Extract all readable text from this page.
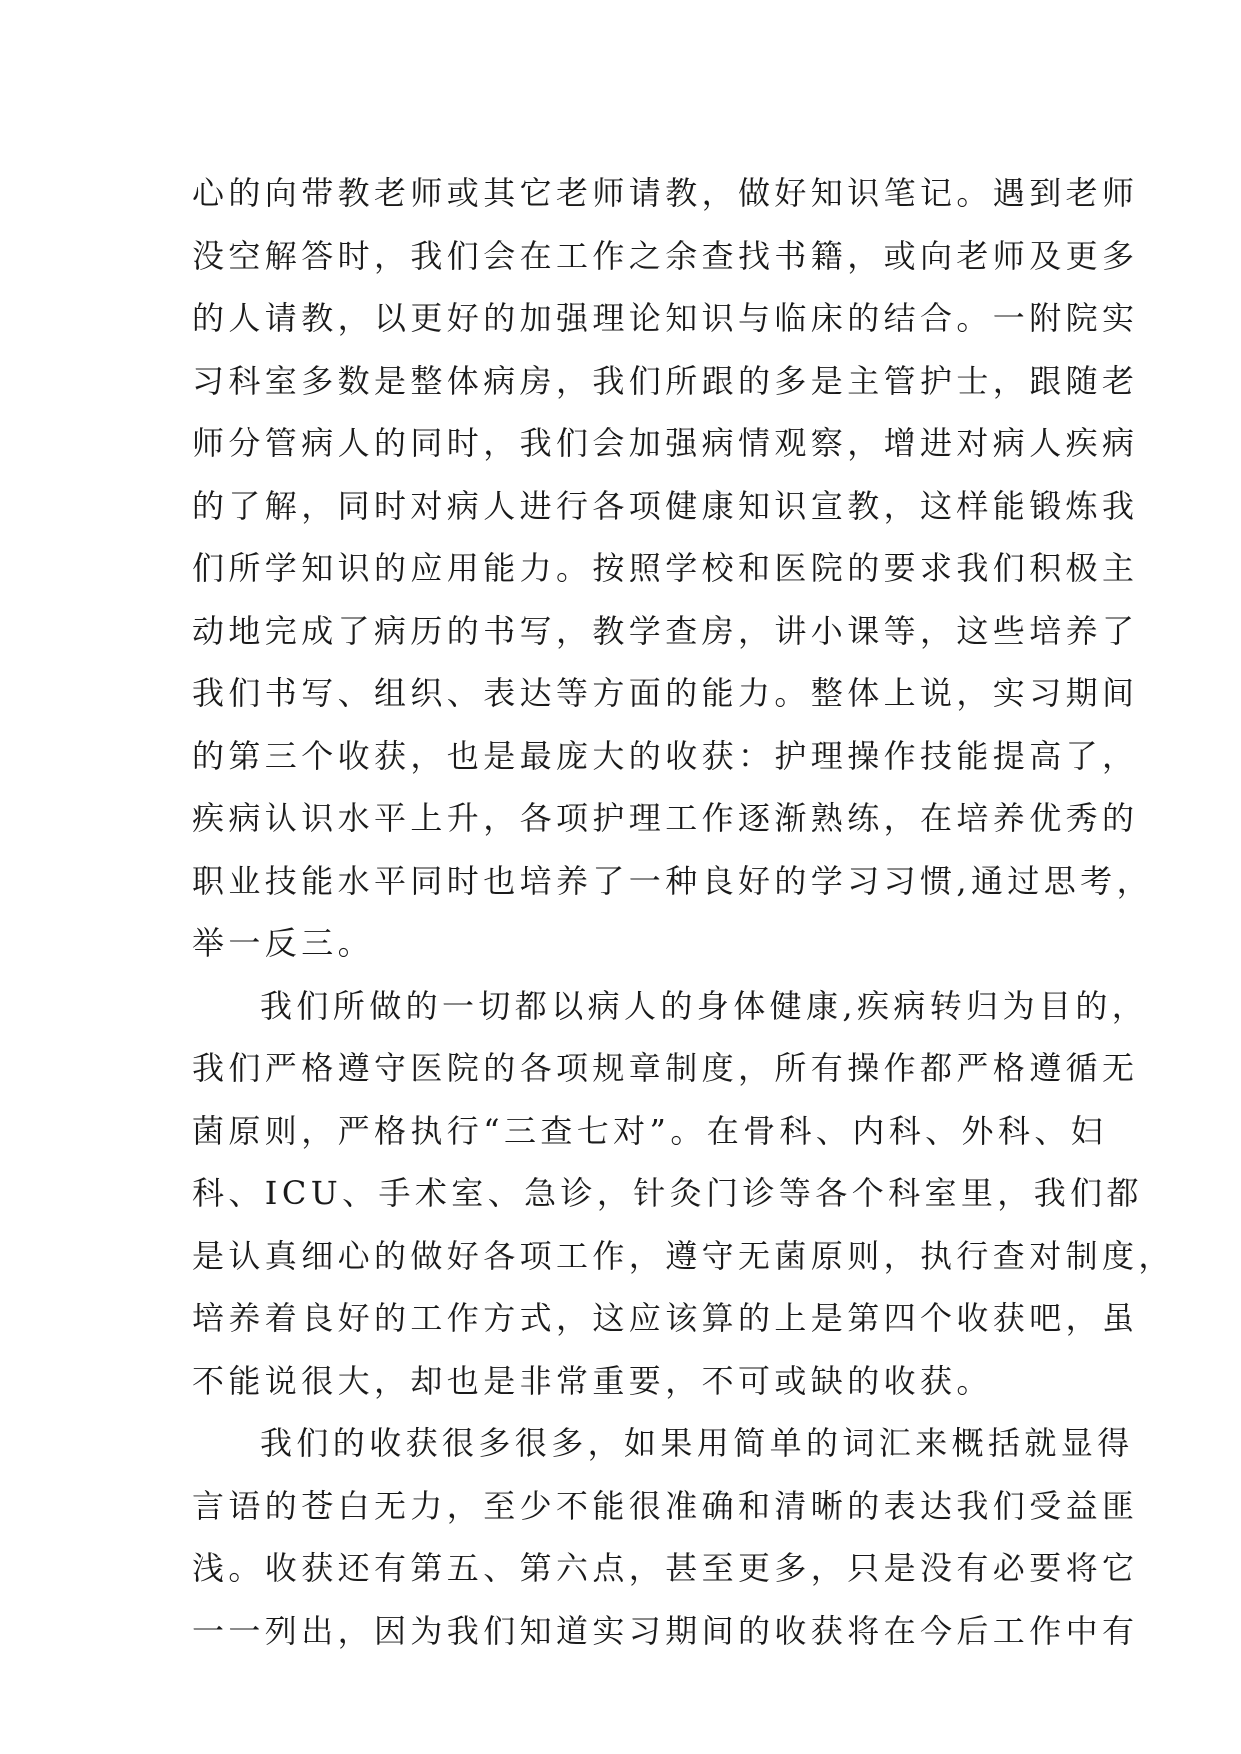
心的向带教老师或其它老师请教，做好知识笔记。遇到老师
没空解答时，我们会在工作之余查找书籍，或向老师及更多
的人请教，以更好的加强理论知识与临床的结合。一附院实
习科室多数是整体病房，我们所跟的多是主管护士，跟随老
师分管病人的同时，我们会加强病情观察，增进对病人疾病
的了解，同时对病人进行各项健康知识宣教，这样能锻炼我
们所学知识的应用能力。按照学校和医院的要求我们积极主
动地完成了病历的书写，教学查房，讲小课等，这些培养了
我们书写、组织、表达等方面的能力。整体上说，实习期间
的第三个收获，也是最庞大的收获：护理操作技能提高了，
疾病认识水平上升，各项护理工作逐渐熟练，在培养优秀的
职业技能水平同时也培养了一种良好的学习习惯,通过思考，
举一反三。
我们所做的一切都以病人的身体健康,疾病转归为目的，
我们严格遵守医院的各项规章制度，所有操作都严格遵循无
菌原则，严格执行“三查七对”。在骨科、内科、外科、妇
科、ICU、手术室、急诊，针灸门诊等各个科室里，我们都
是认真细心的做好各项工作，遵守无菌原则，执行查对制度，
培养着良好的工作方式，这应该算的上是第四个收获吧，虽
不能说很大，却也是非常重要，不可或缺的收获。
我们的收获很多很多，如果用简单的词汇来概括就显得
言语的苍白无力，至少不能很准确和清晰的表达我们受益匪
浅。收获还有第五、第六点，甚至更多，只是没有必要将它
一一列出，因为我们知道实习期间的收获将在今后工作中有
